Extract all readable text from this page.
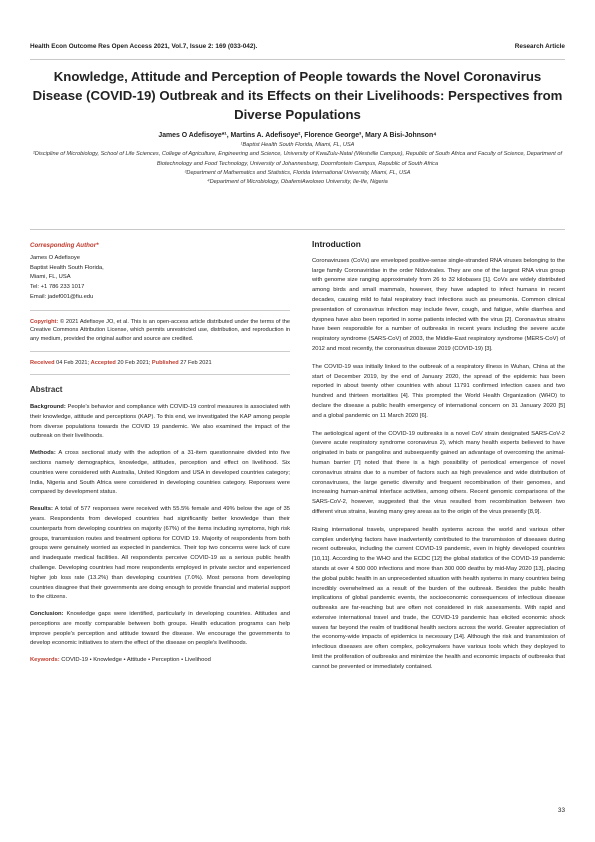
Health Econ Outcome Res Open Access 2021, Vol.7, Issue 2: 169 (033-042).	Research Article
Knowledge, Attitude and Perception of People towards the Novel Coronavirus Disease (COVID-19) Outbreak and its Effects on their Livelihoods: Perspectives from Diverse Populations
James O Adefisoye*¹, Martins A. Adefisoye², Florence George³, Mary A Bisi-Johnson⁴
¹Baptist Health South Florida, Miami, FL, USA
²Discipline of Microbiology, School of Life Sciences, College of Agriculture, Engineering and Science, University of KwaZulu-Natal (Westville Campus), Republic of South Africa and Faculty of Science, Department of Biotechnology and Food Technology, University of Johannesburg, Doornfontein Campus, Republic of South Africa
³Department of Mathematics and Statistics, Florida International University, Miami, FL, USA
⁴Department of Microbiology, ObafemiAwolowo University, Ile-Ife, Nigeria
Corresponding Author*

James O Adefisoye

Baptist Health South Florida,

Miami, FL, USA

Tel: +1 786 233 1017

Email: jadef001@fiu.edu

Copyright: © 2021 Adefisoye JO, et al. This is an open-access article distributed under the terms of the Creative Commons Attribution License, which permits unrestricted use, distribution, and reproduction in any medium, provided the original author and source are credited.
Received 04 Feb 2021; Accepted 20 Feb 2021; Published 27 Feb 2021
Abstract

Background: People's behavior and compliance with COVID-19 control measures is associated with their knowledge, attitude and perceptions (KAP). To this end, we investigated the KAP among people from diverse populations towards the COVID 19 pandemic. We also examined the impact of the outbreak on their livelihoods.

Methods: A cross sectional study with the adoption of a 31-item questionnaire divided into five sections namely demographics, knowledge, attitudes, perception and effect on livelihood. Six countries were considered with Australia, United Kingdom and USA in developed countries category; India, Nigeria and South Africa were considered in developing countries category. Reponses were compared by development status.

Results: A total of 577 responses were received with 55.5% female and 49% below the age of 35 years. Respondents from developed countries had significantly better knowledge than their counterparts from developing countries on majority (67%) of the items including symptoms, high risk groups, transmission routes and treatment options for COVID 19. Majority of respondents from both groups were genuinely worried as expected in pandemics. Their top two concerns were lack of cure and inadequate medical facilities. All respondents perceive COVID-19 as a serious public health challenge. Developing countries had more respondents employed in private sector and experienced higher job loss rate (13.2%) than developing countries (7.0%). Most persons from developing countries disagree that their governments are doing enough to provide financial and material support to the citizens.

Conclusion: Knowledge gaps were identified, particularly in developing countries. Attitudes and perceptions are mostly comparable between both groups. Health education programs can help improve people's perception and attitude toward the disease. We encourage the governments to develop economic initiatives to stem the effect of the disease on people's livelihoods.

Keywords: COVID-19 • Knowledge • Attitude • Perception • Livelihood

Introduction

Coronaviruses (CoVs) are enveloped positive-sense single-stranded RNA viruses belonging to the large family Coronaviridae in the order Nidovirales. They are one of the largest RNA virus group with genome size ranging approximately from 26 to 32 kilobases [1]. CoVs are widely distributed among birds and small mammals, however, they have adapted to infect humans in recent decades, causing mild to fatal respiratory tract infections such as pneumonia. Common clinical presentation of coronavirus infection may include fever, cough, and fatigue, while diarrhea and dyspnea have also been reported in some patients infected with the virus [2]. Coronavirus strains have been responsible for a number of outbreaks in recent years including the severe acute respiratory syndrome (SARS-CoV) of 2003, the Middle-East respiratory syndrome (MERS-CoV) of 2012 and most recently, the coronavirus disease 2019 (COVID-19) [3].

The COVID-19 was initially linked to the outbreak of a respiratory illness in Wuhan, China at the start of December 2019, by the end of January 2020, the spread of the epidemic has been reported in about twenty other countries with about 11791 confirmed infection cases and two hundred and thirteen mortalities [4]. This prompted the World Health Organization (WHO) to declare the disease a public health emergency of international concern on 31 January 2020 [5] and a global pandemic on 11 March 2020 [6].

The aetiological agent of the COVID-19 outbreaks is a novel CoV strain designated SARS-CoV-2 (severe acute respiratory syndrome coronavirus 2), which many health experts believed to have originated in bats or pangolins and subsequently gained an advantage of overcoming the animal-human barrier [7] noted that there is a high possibility of periodical emergence of novel coronavirus strains due to a number of factors such as high prevalence and wide distribution of coronaviruses, the large genetic diversity and frequent recombination of their genomes, and increasing human-animal interface activities, among others. Recent genomic comparisons of the SARS-CoV-2, however, suggested that the virus resulted from recombination between two different virus strains, leaving many grey areas as to the origin of the virus presently [8,9].

Rising international travels, unprepared health systems across the world and various other complex underlying factors have inadvertently contributed to the transmission of diseases during recent outbreaks, including the current COVID-19 pandemic, even in highly developed countries [10,11]. According to the WHO and the ECDC [12] the global statistics of the COVID-19 pandemic stands at over 4 500 000 infections and more than 300 000 deaths by mid-May 2020 [13], placing the global public health in an unprecedented situation with health systems in many countries being incredibly overwhelmed as a result of the burden of the outbreak. Besides the public health implications of global pandemic events, the socioeconomic consequences of infectious disease outbreaks are far-reaching but are often not considered in risk assessments. With rapid and extensive international travel and trade, the COVID-19 pandemic has elicited economic shock waves far beyond the realm of traditional health sectors across the world. Greater appreciation of the economy-wide impacts of epidemics is necessary [14]. Although the risk and transmission of infectious diseases are often complex, policymakers have various tools which they deployed to limit the proliferation of outbreaks and minimize the health and economic impacts of outbreaks that cannot be prevented or immediately contained.

33
